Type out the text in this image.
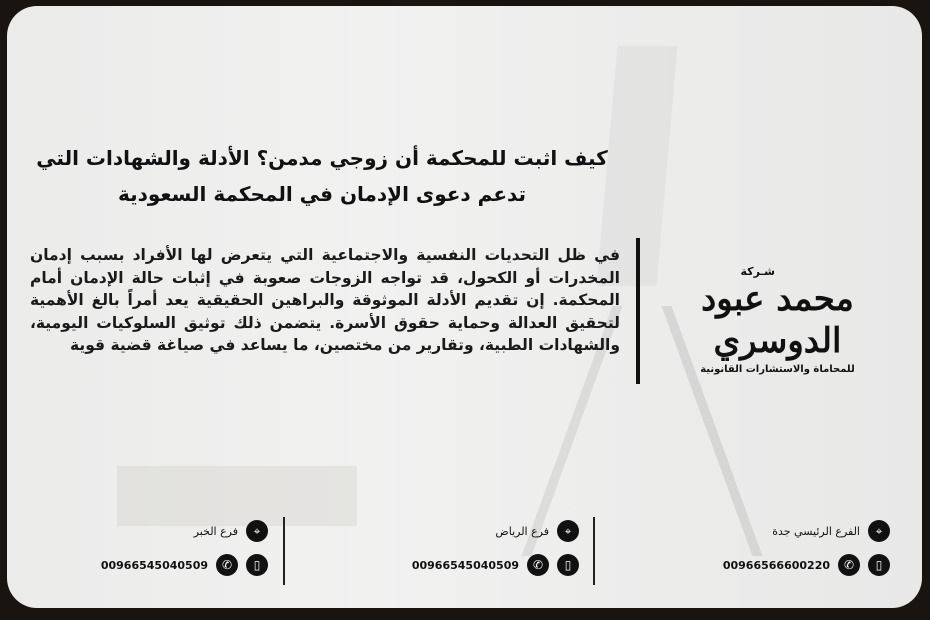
كيف اثبت للمحكمة أن زوجي مدمن؟ الأدلة والشهادات التي
تدعم دعوى الإدمان في المحكمة السعودية
في ظل التحديات النفسية والاجتماعية التي يتعرض لها الأفراد بسبب إدمان المخدرات أو الكحول، قد تواجه الزوجات صعوبة في إثبات حالة الإدمان أمام المحكمة. إن تقديم الأدلة الموثوقة والبراهين الحقيقية يعد أمراً بالغ الأهمية لتحقيق العدالة وحماية حقوق الأسرة. يتضمن ذلك توثيق السلوكيات اليومية، والشهادات الطبية، وتقارير من مختصين، ما يساعد في صياغة قضية قوية
شـركة
محمد عبود الدوسري
للمحاماة والاستشارات القانونية
⌖
الفرع الرئيسي جدة
▯
✆
00966566600220
⌖
فرع الرياض
▯
✆
00966545040509
⌖
فرع الخبر
▯
✆
00966545040509
